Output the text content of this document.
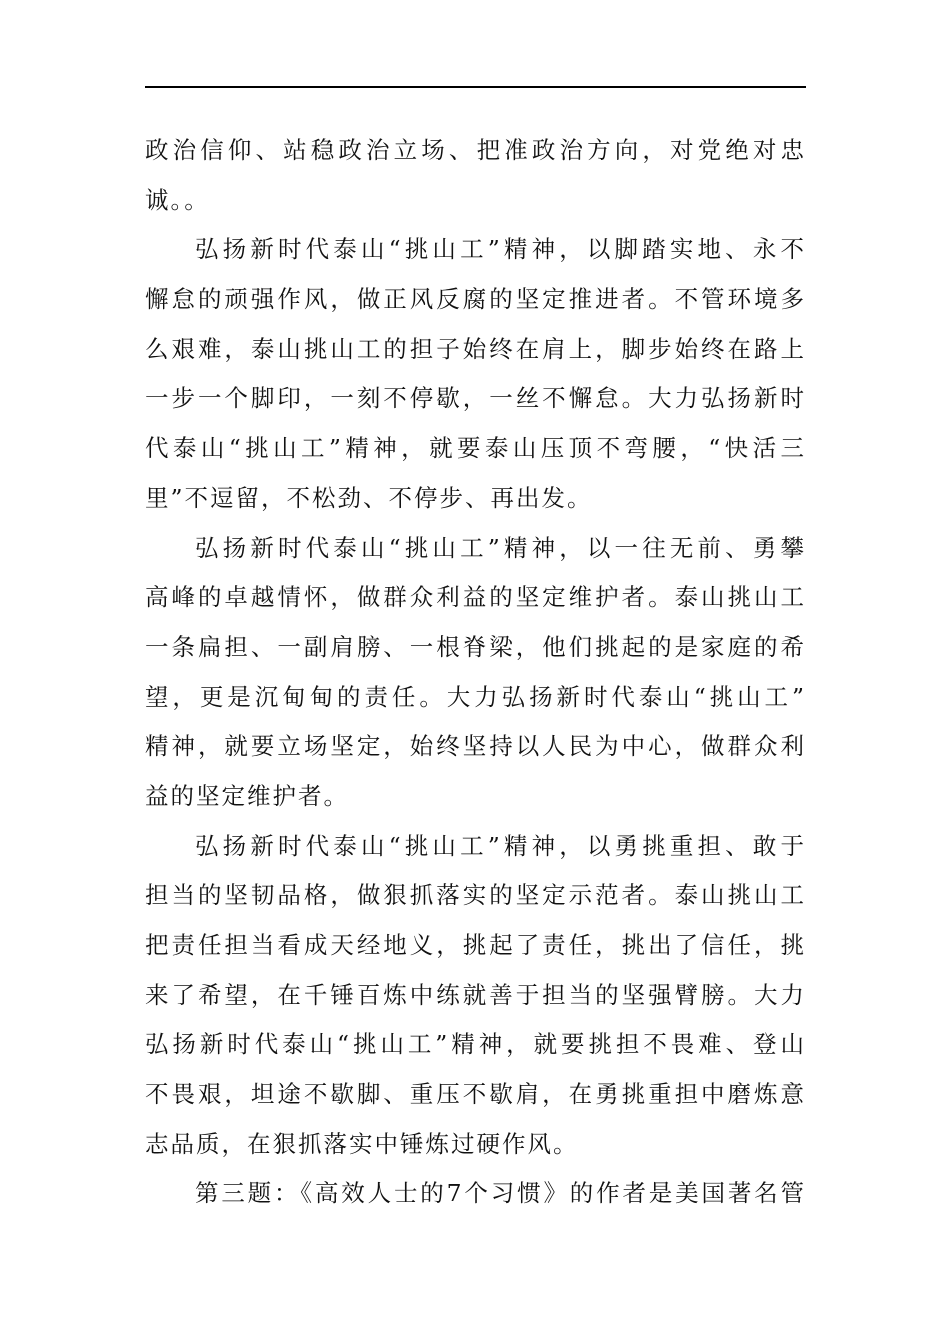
政治信仰、站稳政治立场、把准政治方向，对党绝对忠
诚。。
弘扬新时代泰山“挑山工”精神，以脚踏实地、永不
懈怠的顽强作风，做正风反腐的坚定推进者。不管环境多
么艰难，泰山挑山工的担子始终在肩上，脚步始终在路上
一步一个脚印，一刻不停歇，一丝不懈怠。大力弘扬新时
代泰山“挑山工”精神，就要泰山压顶不弯腰，“快活三
里”不逗留，不松劲、不停步、再出发。
弘扬新时代泰山“挑山工”精神，以一往无前、勇攀
高峰的卓越情怀，做群众利益的坚定维护者。泰山挑山工
一条扁担、一副肩膀、一根脊梁，他们挑起的是家庭的希
望，更是沉甸甸的责任。大力弘扬新时代泰山“挑山工”
精神，就要立场坚定，始终坚持以人民为中心，做群众利
益的坚定维护者。
弘扬新时代泰山“挑山工”精神，以勇挑重担、敢于
担当的坚韧品格，做狠抓落实的坚定示范者。泰山挑山工
把责任担当看成天经地义，挑起了责任，挑出了信任，挑
来了希望，在千锤百炼中练就善于担当的坚强臂膀。大力
弘扬新时代泰山“挑山工”精神，就要挑担不畏难、登山
不畏艰，坦途不歇脚、重压不歇肩，在勇挑重担中磨炼意
志品质，在狠抓落实中锤炼过硬作风。
第三题：《高效人士的7个习惯》的作者是美国著名管
